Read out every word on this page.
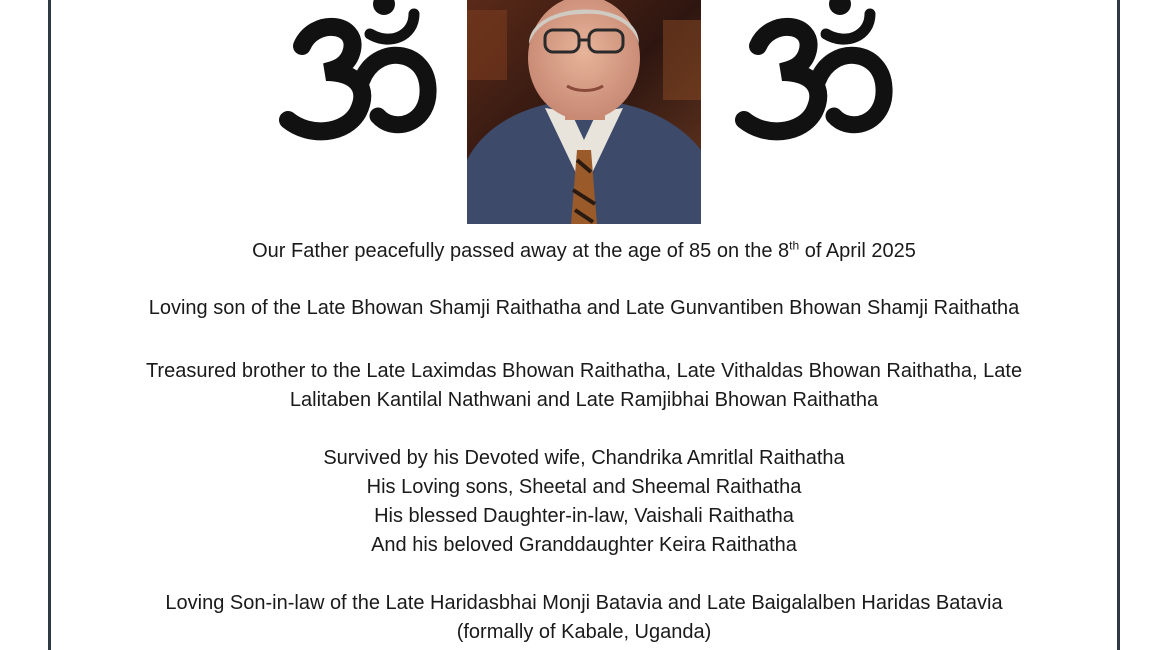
Our Father peacefully passed away at the age of 85 on the 8th of April 2025
Loving son of the Late Bhowan Shamji Raithatha and Late Gunvantiben Bhowan Shamji Raithatha
Treasured brother to the Late Laximdas Bhowan Raithatha, Late Vithaldas Bhowan Raithatha, Late
Lalitaben Kantilal Nathwani and Late Ramjibhai Bhowan Raithatha
Survived by his Devoted wife, Chandrika Amritlal Raithatha
His Loving sons, Sheetal and Sheemal Raithatha
His blessed Daughter-in-law, Vaishali Raithatha
And his beloved Granddaughter Keira Raithatha
Loving Son-in-law of the Late Haridasbhai Monji Batavia and Late Baigalalben Haridas Batavia
(formally of Kabale, Uganda)
